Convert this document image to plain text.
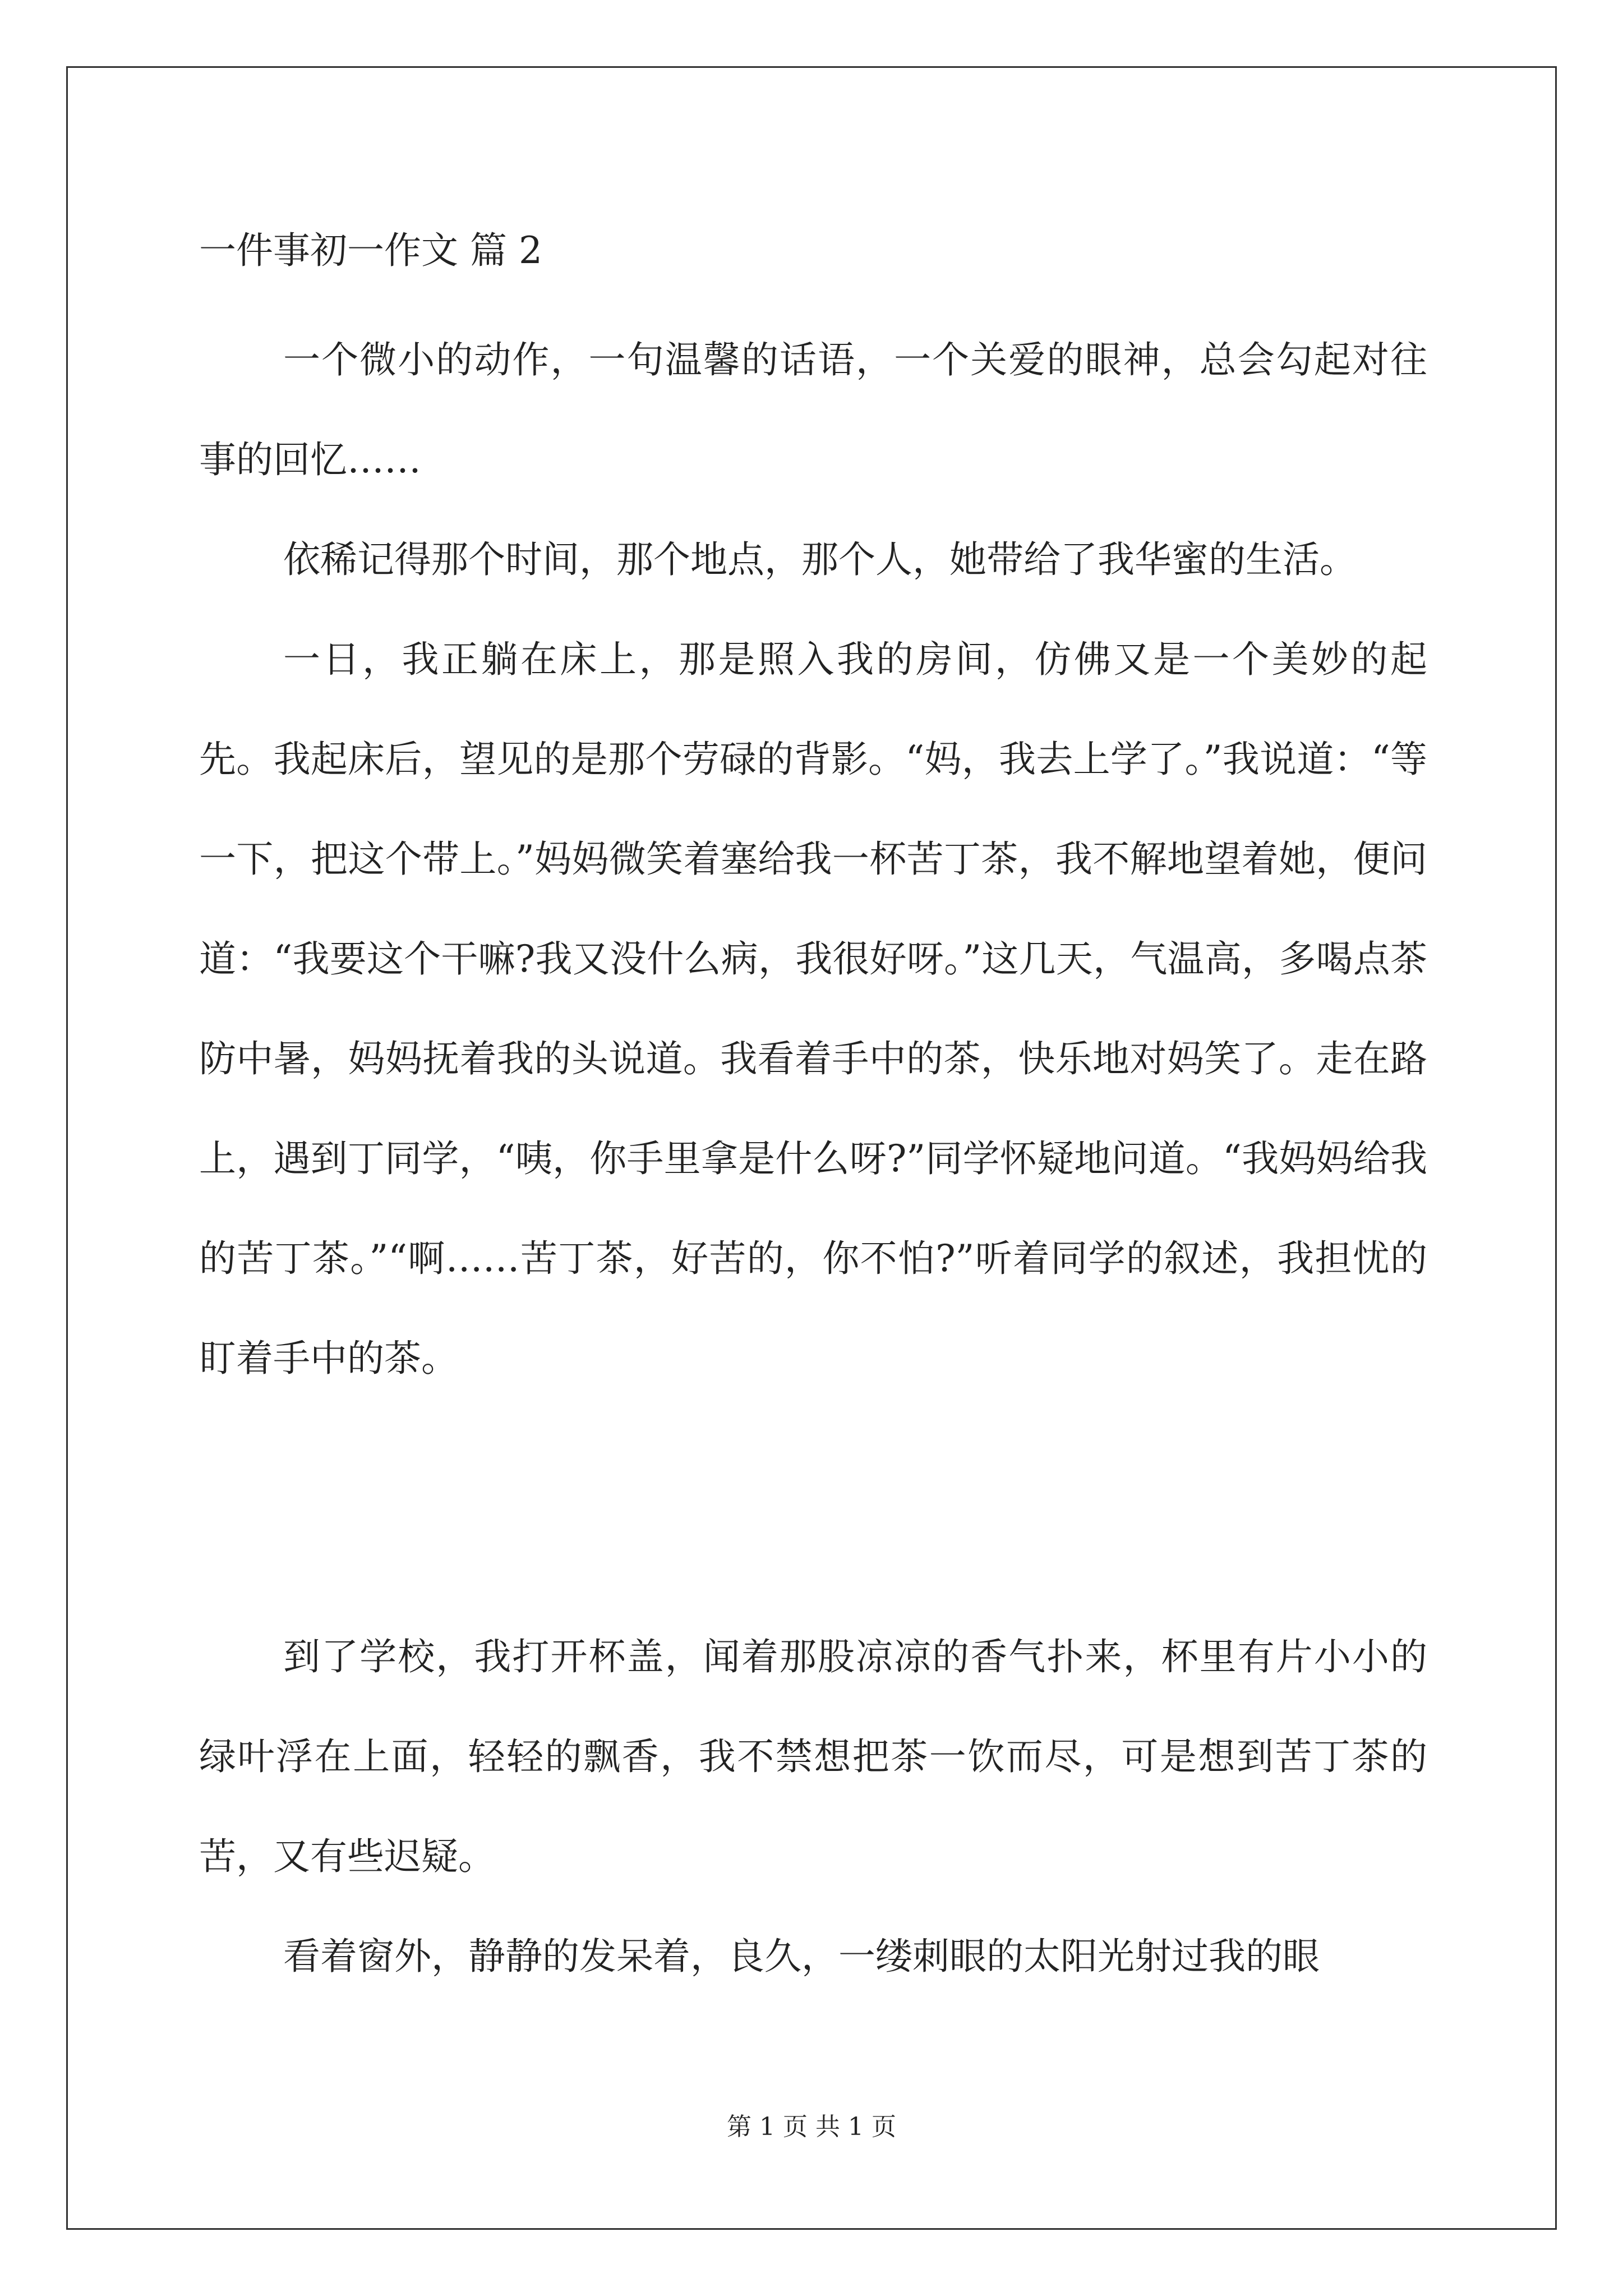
一件事初一作文 篇 2

一个微小的动作，一句温馨的话语，一个关爱的眼神，总会勾起对往事的回忆……

依稀记得那个时间，那个地点，那个人，她带给了我华蜜的生活。

一日，我正躺在床上，那是照入我的房间，仿佛又是一个美妙的起先。我起床后，望见的是那个劳碌的背影。“妈，我去上学了。”我说道：“等一下，把这个带上。”妈妈微笑着塞给我一杯苦丁茶，我不解地望着她，便问道：“我要这个干嘛?我又没什么病，我很好呀。”这几天，气温高，多喝点茶防中暑，妈妈抚着我的头说道。我看着手中的茶，快乐地对妈笑了。走在路上，遇到丁同学，“咦，你手里拿是什么呀?”同学怀疑地问道。“我妈妈给我的苦丁茶。”“啊……苦丁茶，好苦的，你不怕?”听着同学的叙述，我担忧的盯着手中的茶。

到了学校，我打开杯盖，闻着那股凉凉的香气扑来，杯里有片小小的绿叶浮在上面，轻轻的飘香，我不禁想把茶一饮而尽，可是想到苦丁茶的苦，又有些迟疑。

看着窗外，静静的发呆着，良久，一缕刺眼的太阳光射过我的眼

第 1 页 共 1 页
